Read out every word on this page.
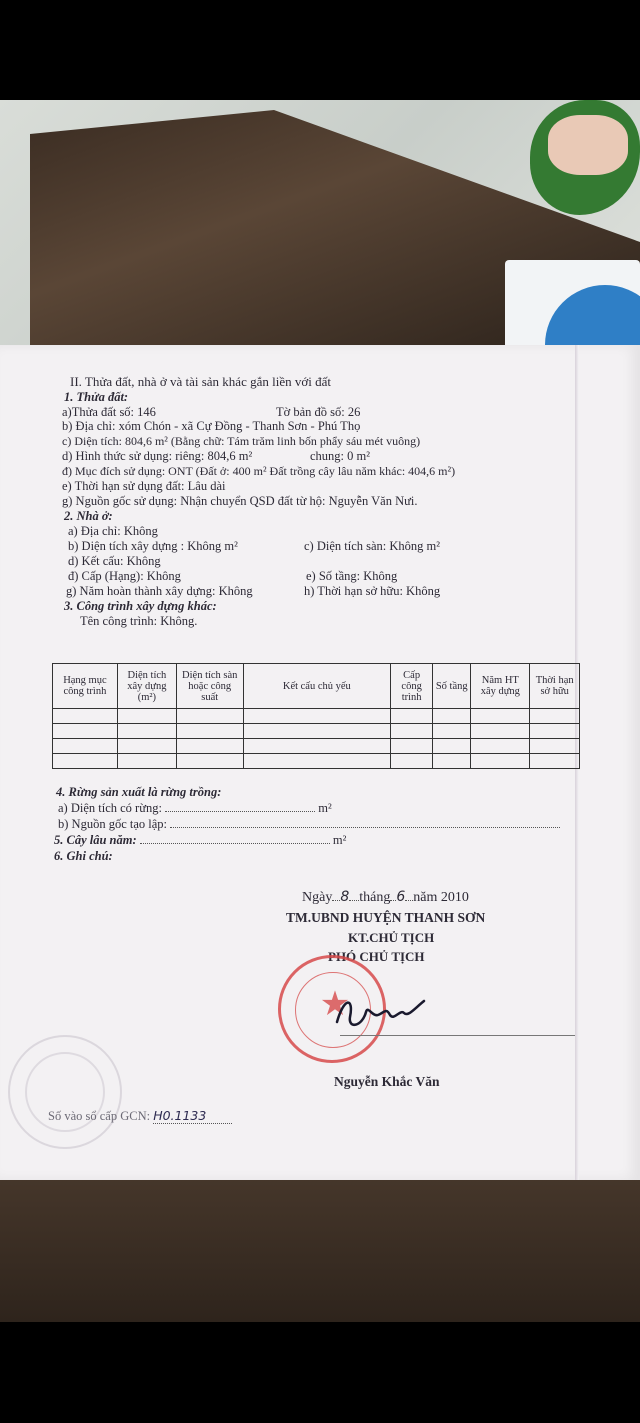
II. Thửa đất, nhà ở và tài sản khác gắn liền với đất
1. Thửa đất:
a)Thửa đất số: 146	Tờ bản đồ số: 26
b) Địa chỉ: xóm Chón - xã Cự Đồng - Thanh Sơn - Phú Thọ
c) Diện tích: 804,6 m² (Bằng chữ: Tám trăm linh bốn phẩy sáu mét vuông)
d) Hình thức sử dụng: riêng: 804,6 m²	chung: 0 m²
đ) Mục đích sử dụng: ONT (Đất ở: 400 m² Đất trồng cây lâu năm khác: 404,6 m²)
e) Thời hạn sử dụng đất: Lâu dài
g) Nguồn gốc sử dụng: Nhận chuyển QSD đất từ hộ: Nguyễn Văn Nưi.
2. Nhà ở:
a) Địa chỉ: Không
b) Diện tích xây dựng : Không m²	c) Diện tích sàn: Không m²
d) Kết cấu: Không
đ) Cấp (Hạng): Không	e) Số tầng: Không
g) Năm hoàn thành xây dựng: Không	h) Thời hạn sở hữu: Không
3. Công trình xây dựng khác:
Tên công trình: Không.
Hạng mục công trình	Diện tích xây dựng (m²)	Diện tích sàn hoặc công suất	Kết cấu chủ yếu	Cấp công trình	Số tầng	Năm HT xây dựng	Thời hạn sở hữu

4. Rừng sản xuất là rừng trồng:
a) Diện tích có rừng:	m²
b) Nguồn gốc tạo lập:
5. Cây lâu năm:	m²
6. Ghi chú:
Ngày 8 tháng 6 năm 2010
TM.UBND HUYỆN THANH SƠN
KT.CHỦ TỊCH
PHÓ CHỦ TỊCH
★
Nguyễn
Nguyễn Khắc Văn
Số vào sổ cấp GCN: H0.1133
